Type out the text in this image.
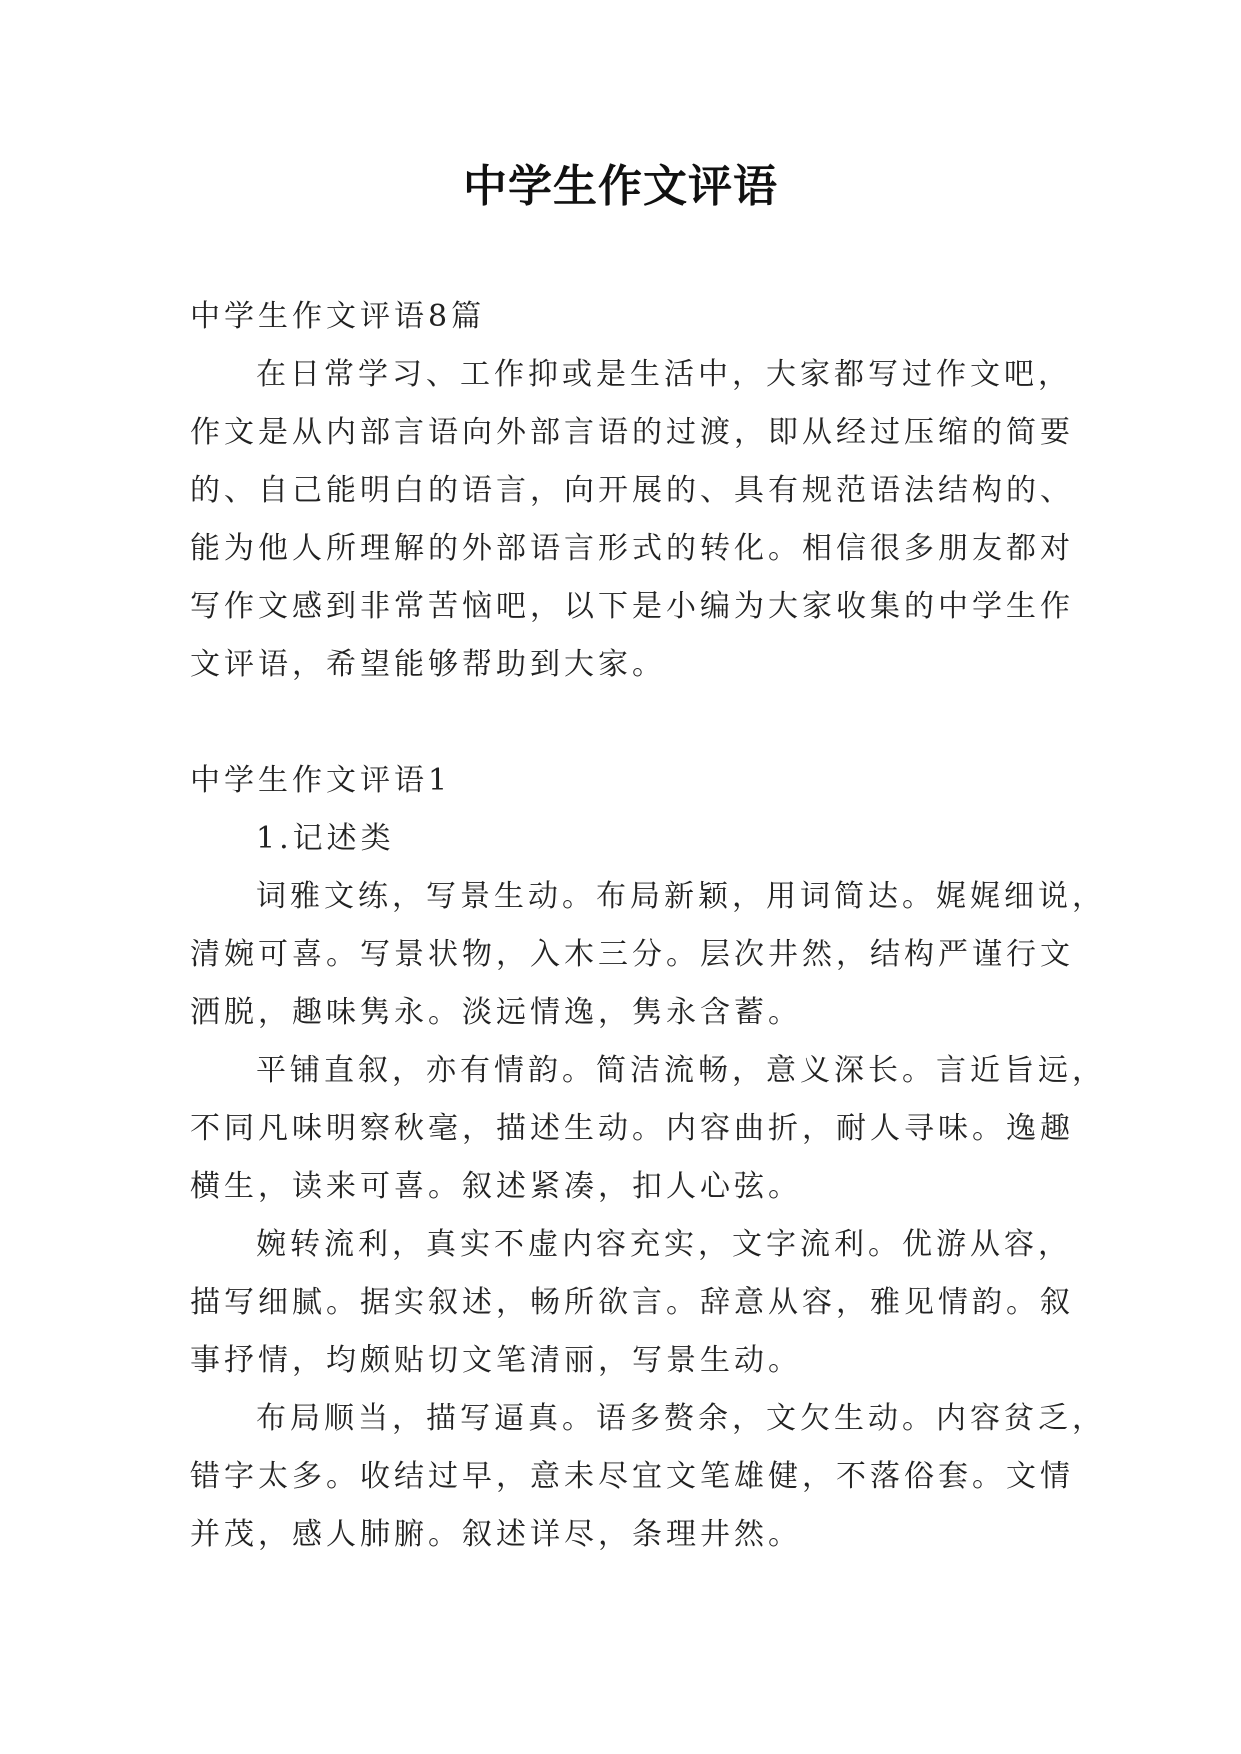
中学生作文评语
中学生作文评语8篇
在日常学习、工作抑或是生活中，大家都写过作文吧，
作文是从内部言语向外部言语的过渡，即从经过压缩的简要
的、自己能明白的语言，向开展的、具有规范语法结构的、
能为他人所理解的外部语言形式的转化。相信很多朋友都对
写作文感到非常苦恼吧，以下是小编为大家收集的中学生作
文评语，希望能够帮助到大家。
中学生作文评语1
1.记述类
词雅文练，写景生动。布局新颖，用词简达。娓娓细说，
清婉可喜。写景状物，入木三分。层次井然，结构严谨行文
洒脱，趣味隽永。淡远情逸，隽永含蓄。
平铺直叙，亦有情韵。简洁流畅，意义深长。言近旨远，
不同凡味明察秋毫，描述生动。内容曲折，耐人寻味。逸趣
横生，读来可喜。叙述紧凑，扣人心弦。
婉转流利，真实不虚内容充实，文字流利。优游从容，
描写细腻。据实叙述，畅所欲言。辞意从容，雅见情韵。叙
事抒情，均颇贴切文笔清丽，写景生动。
布局顺当，描写逼真。语多赘余，文欠生动。内容贫乏，
错字太多。收结过早，意未尽宜文笔雄健，不落俗套。文情
并茂，感人肺腑。叙述详尽，条理井然。
